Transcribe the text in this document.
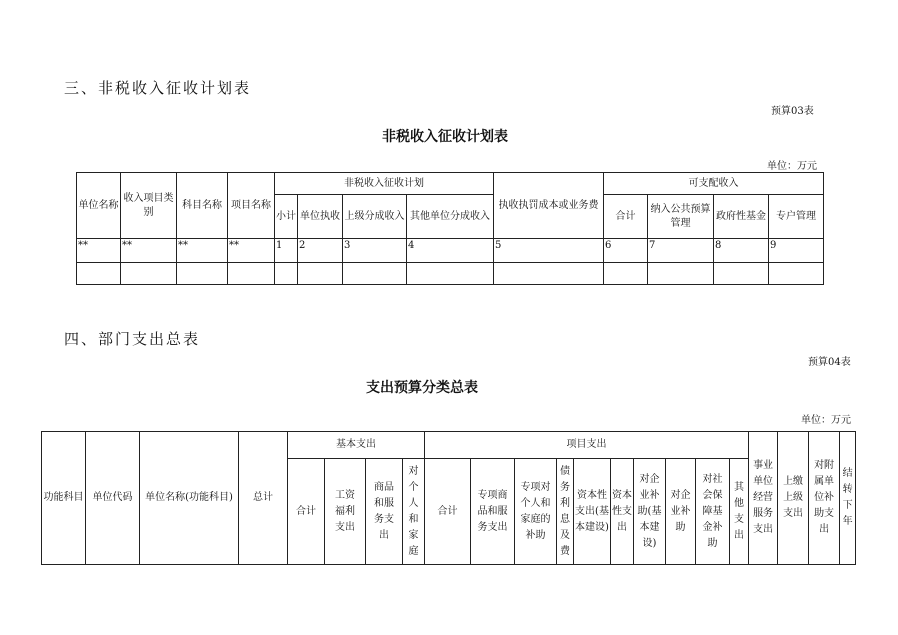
三、非税收入征收计划表
预算03表
非税收入征收计划表
单位：万元
单位名称	收入项目类别	科目名称	项目名称	非税收入征收计划				执收执罚成本或业务费	可支配收入			
				小计	单位执收	上级分成收入	其他单位分成收入		合计	纳入公共预算管理	政府性基金	专户管理
**	**	**	**	1	2	3	4	5	6	7	8	9

四、部门支出总表
预算04表
支出预算分类总表
单位：万元
功能科目	单位代码	单位名称(功能科目)	总计	基本支出				项目支出										事业单位经营服务支出	上缴上级支出	对附属单位补助支出	结转下年
				合计	工资福利支出	商品和服务支出	对个人和家庭	合计	专项商品和服务支出	专项对个人和家庭的补助	债务利息及费	资本性支出(基本建设)	资本性支出	对企业补助(基本建设)	对企业补助	对社会保障基金补助	其他支出				
